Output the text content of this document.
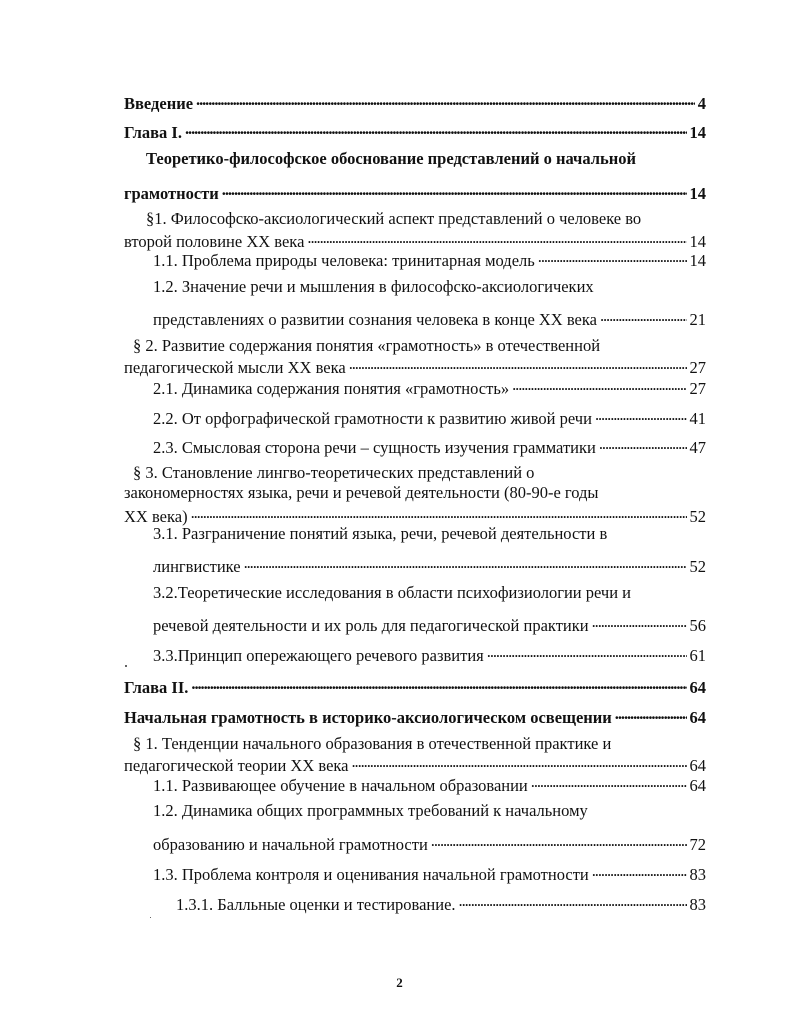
Введение . . .	4
Глава I. . . .	14
Теоретико-философское обоснование представлений о начальной
грамотности . . .	14
§1. Философско-аксиологический аспект представлений о человеке во
второй половине XX века . . .	14
1.1. Проблема природы человека: тринитарная модель . . .	14
1.2. Значение речи и мышления в философско-аксиологичеких
представлениях о развитии сознания человека в конце XX века . . .	21
§ 2. Развитие содержания понятия «грамотность» в отечественной
педагогической мысли XX века . . .	27
2.1. Динамика содержания понятия «грамотность» . . .	27
2.2. От орфографической грамотности к развитию живой речи . . .	41
2.3. Смысловая сторона речи – сущность изучения грамматики . . .	47
§ 3. Становление лингво-теоретических представлений о
закономерностях языка, речи и речевой деятельности (80-90-е годы
XX века) . . .	52
3.1. Разграничение понятий языка, речи, речевой деятельности в
лингвистике . . .	52
3.2.Теоретические исследования в области психофизиологии речи и
речевой деятельности и их роль для педагогической практики . . .	56
3.3.Принцип опережающего речевого развития . . .	61
Глава II. . . .	64
Начальная грамотность в историко-аксиологическом освещении . . .	64
§ 1. Тенденции начального образования в отечественной практике и
педагогической теории XX века . . .	64
1.1. Развивающее обучение в начальном образовании . . .	64
1.2. Динамика общих программных требований к начальному
образованию и начальной грамотности . . .	72
1.3. Проблема контроля и оценивания начальной грамотности . . .	83
1.3.1. Балльные оценки и тестирование. . . .	83
2
